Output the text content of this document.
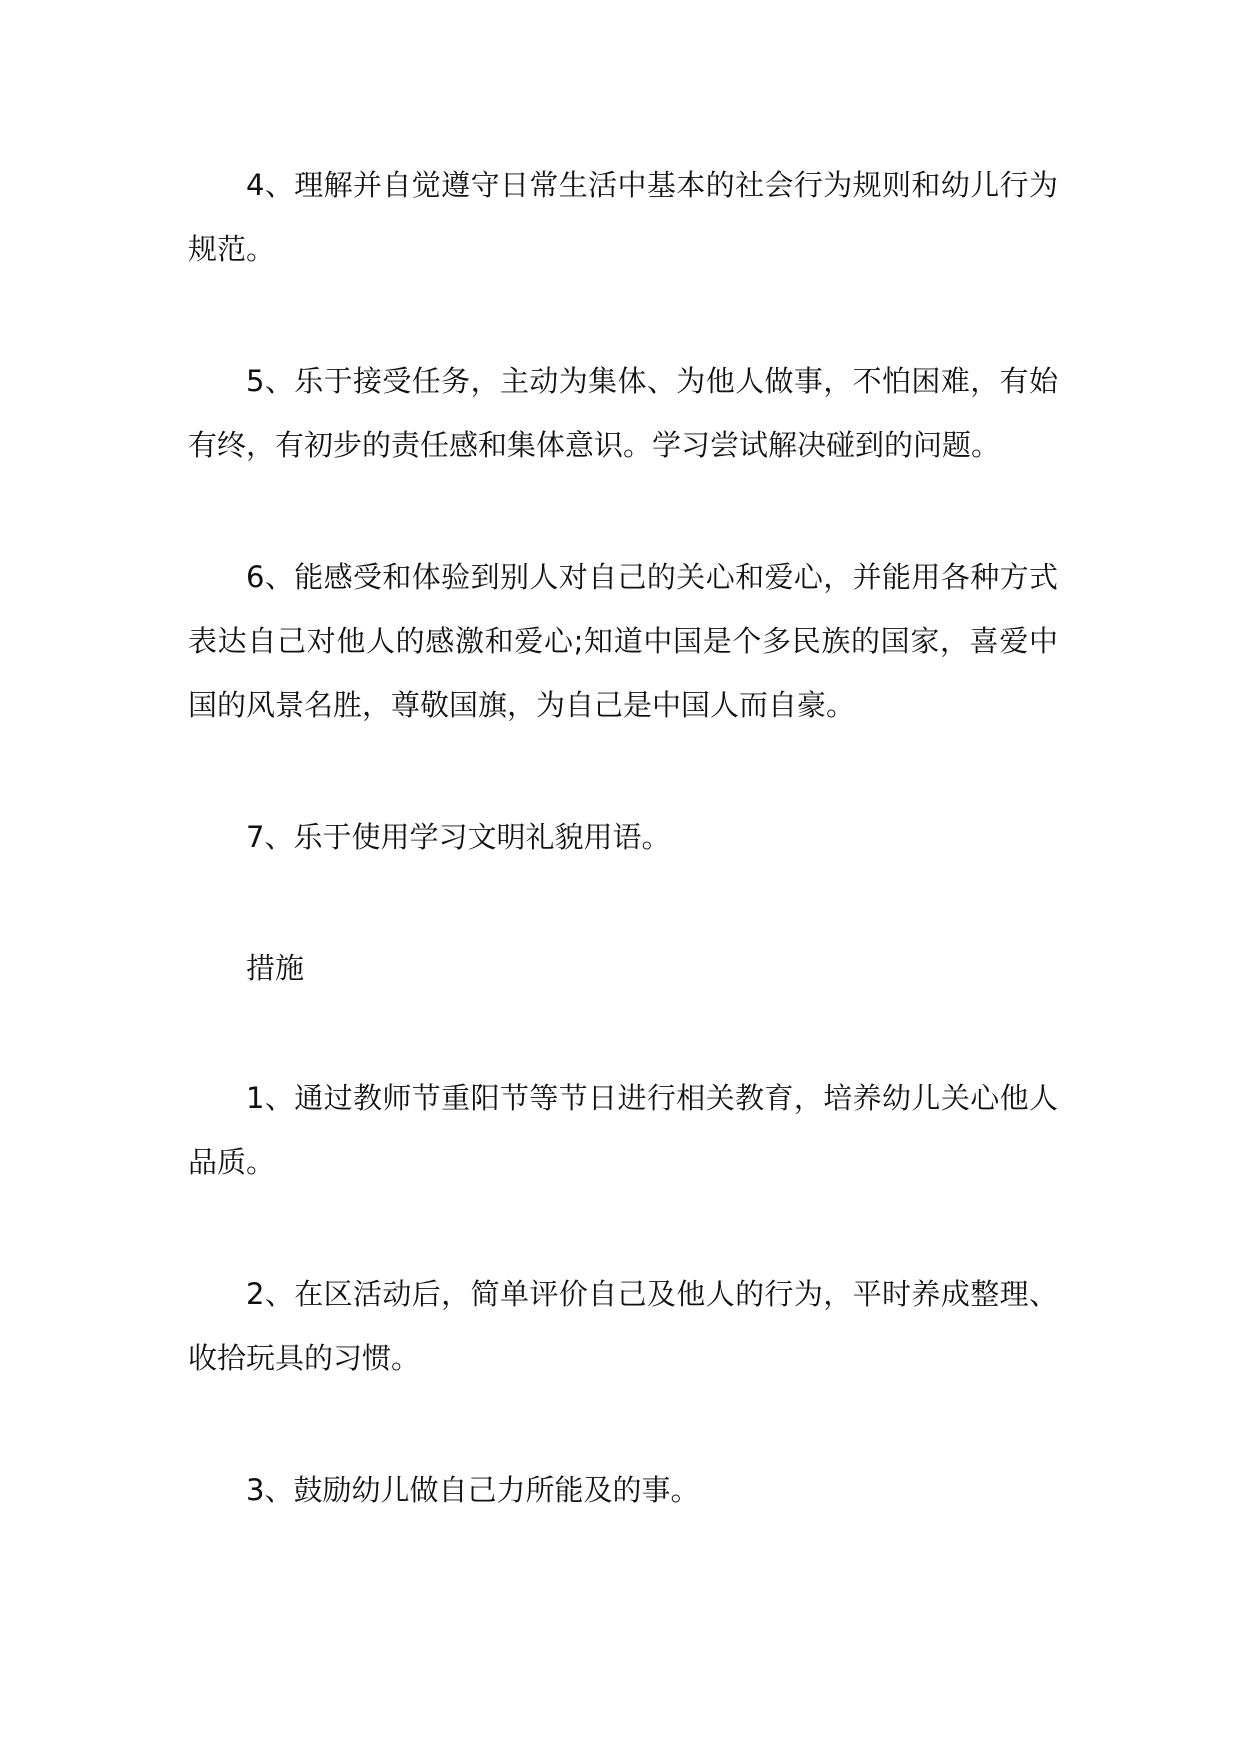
4、理解并自觉遵守日常生活中基本的社会行为规则和幼儿行为规范。

5、乐于接受任务，主动为集体、为他人做事，不怕困难，有始有终，有初步的责任感和集体意识。学习尝试解决碰到的问题。

6、能感受和体验到别人对自己的关心和爱心，并能用各种方式表达自己对他人的感激和爱心;知道中国是个多民族的国家，喜爱中国的风景名胜，尊敬国旗，为自己是中国人而自豪。

7、乐于使用学习文明礼貌用语。

措施

1、通过教师节重阳节等节日进行相关教育，培养幼儿关心他人品质。

2、在区活动后，简单评价自己及他人的行为，平时养成整理、收拾玩具的习惯。

3、鼓励幼儿做自己力所能及的事。
